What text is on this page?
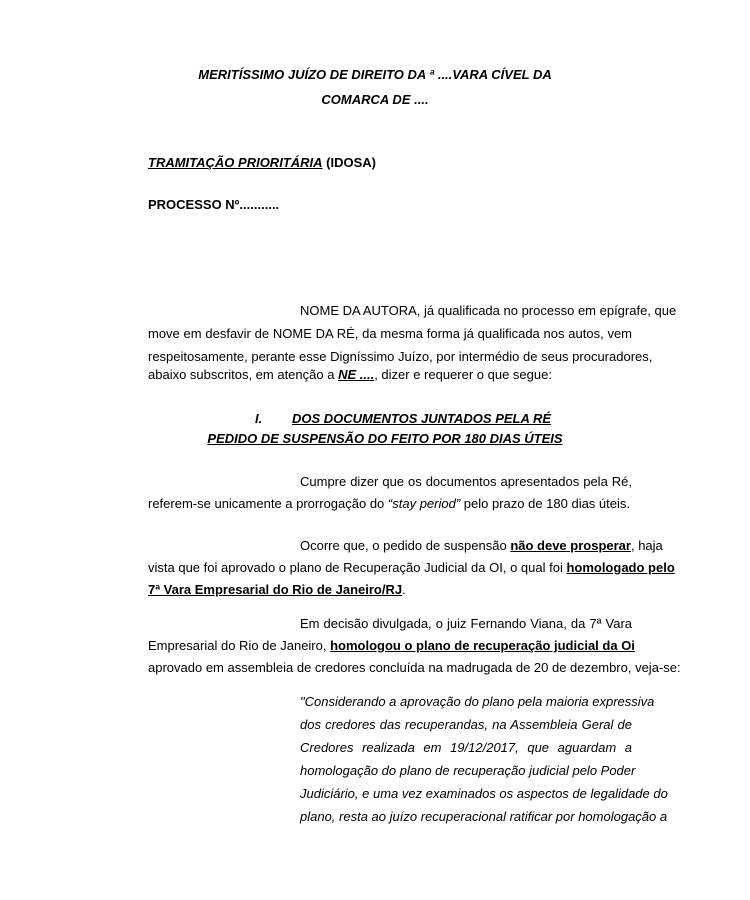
MERITÍSSIMO JUÍZO DE DIREITO DA ª ....VARA CÍVEL DA
COMARCA DE ....
TRAMITAÇÃO PRIORITÁRIA (IDOSA)
PROCESSO Nº...........
NOME DA AUTORA, já qualificada no processo em epígrafe, que
move em desfavir de NOME DA RÉ, da mesma forma já qualificada nos autos, vem
respeitosamente, perante esse Digníssimo Juízo, por intermédio de seus procuradores,
abaixo subscritos, em atenção a NE ...., dizer e requerer o que segue:
I. DOS DOCUMENTOS JUNTADOS PELA RÉ
PEDIDO DE SUSPENSÃO DO FEITO POR 180 DIAS ÚTEIS
Cumpre dizer que os documentos apresentados pela Ré,
referem-se unicamente a prorrogação do “stay period” pelo prazo de 180 dias úteis.
Ocorre que, o pedido de suspensão não deve prosperar, haja
vista que foi aprovado o plano de Recuperação Judicial da OI, o qual foi homologado pelo
7ª Vara Empresarial do Rio de Janeiro/RJ.
Em decisão divulgada, o juiz Fernando Viana, da 7ª Vara
Empresarial do Rio de Janeiro, homologou o plano de recuperação judicial da Oi
aprovado em assembleia de credores concluída na madrugada de 20 de dezembro, veja-se:
"Considerando a aprovação do plano pela maioria expressiva
dos credores das recuperandas, na Assembleia Geral de
Credores realizada em 19/12/2017, que aguardam a
homologação do plano de recuperação judicial pelo Poder
Judiciário, e uma vez examinados os aspectos de legalidade do
plano, resta ao juízo recuperacional ratificar por homologação a
